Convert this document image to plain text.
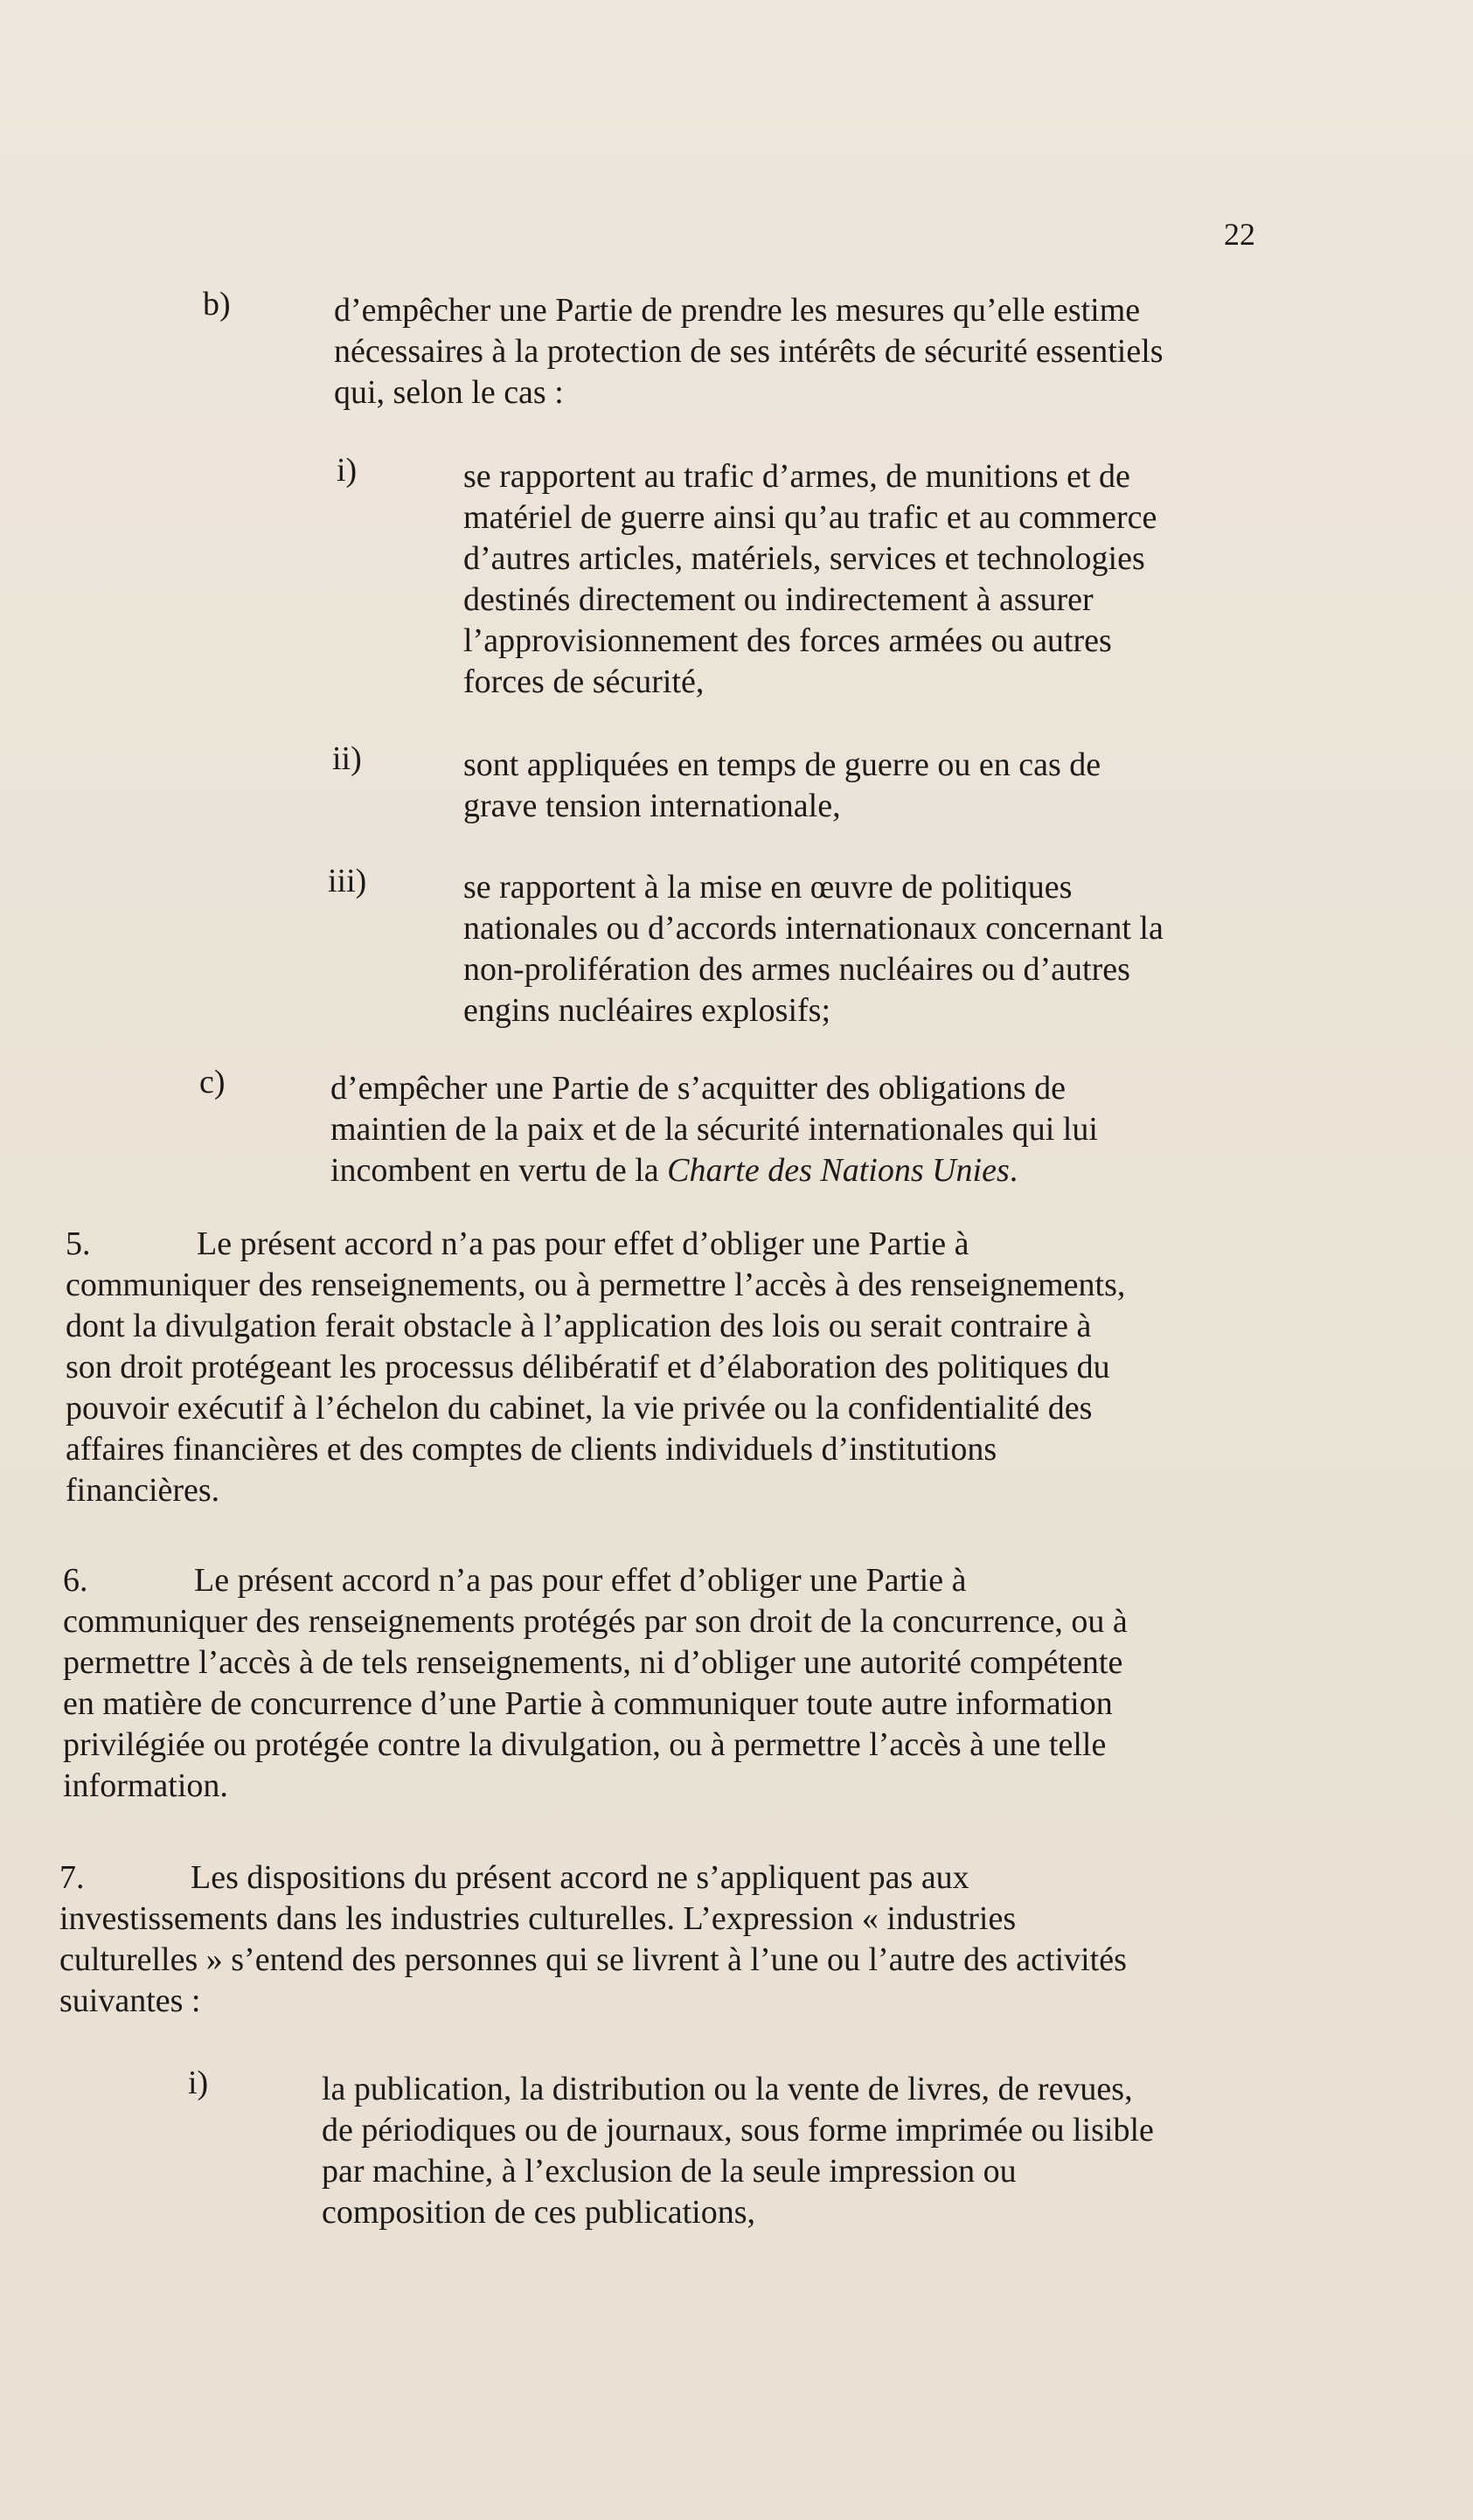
22
b)	d’empêcher une Partie de prendre les mesures qu’elle estime
nécessaires à la protection de ses intérêts de sécurité essentiels
qui, selon le cas :
i)	se rapportent au trafic d’armes, de munitions et de
matériel de guerre ainsi qu’au trafic et au commerce
d’autres articles, matériels, services et technologies
destinés directement ou indirectement à assurer
l’approvisionnement des forces armées ou autres
forces de sécurité,
ii)	sont appliquées en temps de guerre ou en cas de
grave tension internationale,
iii)	se rapportent à la mise en œuvre de politiques
nationales ou d’accords internationaux concernant la
non-prolifération des armes nucléaires ou d’autres
engins nucléaires explosifs;
c)	d’empêcher une Partie de s’acquitter des obligations de
maintien de la paix et de la sécurité internationales qui lui
incombent en vertu de la Charte des Nations Unies.
5.	Le présent accord n’a pas pour effet d’obliger une Partie à
communiquer des renseignements, ou à permettre l’accès à des renseignements,
dont la divulgation ferait obstacle à l’application des lois ou serait contraire à
son droit protégeant les processus délibératif et d’élaboration des politiques du
pouvoir exécutif à l’échelon du cabinet, la vie privée ou la confidentialité des
affaires financières et des comptes de clients individuels d’institutions
financières.
6.	Le présent accord n’a pas pour effet d’obliger une Partie à
communiquer des renseignements protégés par son droit de la concurrence, ou à
permettre l’accès à de tels renseignements, ni d’obliger une autorité compétente
en matière de concurrence d’une Partie à communiquer toute autre information
privilégiée ou protégée contre la divulgation, ou à permettre l’accès à une telle
information.
7.	Les dispositions du présent accord ne s’appliquent pas aux
investissements dans les industries culturelles. L’expression « industries
culturelles » s’entend des personnes qui se livrent à l’une ou l’autre des activités
suivantes :
i)	la publication, la distribution ou la vente de livres, de revues,
de périodiques ou de journaux, sous forme imprimée ou lisible
par machine, à l’exclusion de la seule impression ou
composition de ces publications,
